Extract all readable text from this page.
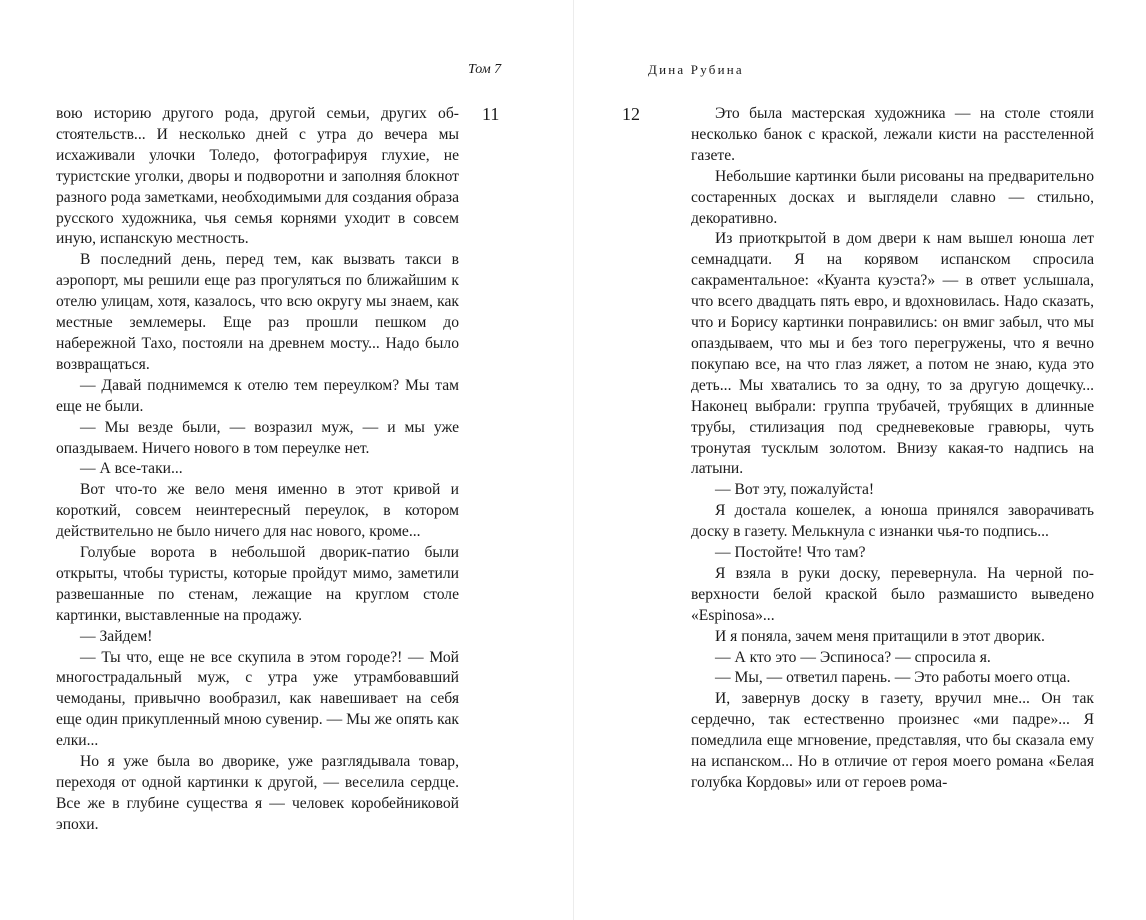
Том 7
11

вою историю другого рода, другой семьи, других обстоятельств... И несколько дней с утра до вечера мы исхаживали улочки Толедо, фотографируя глухие, не туристские уголки, дворы и подворотни и заполняя блокнот разного рода заметками, необходимыми для создания образа русского художника, чья семья корнями уходит в совсем иную, испанскую местность.

В последний день, перед тем, как вызвать такси в аэропорт, мы решили еще раз прогуляться по ближайшим к отелю улицам, хотя, казалось, что всю округу мы знаем, как местные землемеры. Еще раз прошли пешком до набережной Тахо, постояли на древнем мосту... Надо было возвращаться.

— Давай поднимемся к отелю тем переулком? Мы там еще не были.

— Мы везде были, — возразил муж, — и мы уже опаздываем. Ничего нового в том переулке нет.

— А все-таки...

Вот что-то же вело меня именно в этот кривой и короткий, совсем неинтересный переулок, в котором действительно не было ничего для нас нового, кроме...

Голубые ворота в небольшой дворик-патио были открыты, чтобы туристы, которые пройдут мимо, заметили развешанные по стенам, лежащие на круглом столе картинки, выставленные на продажу.

— Зайдем!

— Ты что, еще не все скупила в этом городе?! — Мой многострадальный муж, с утра уже утрамбовавший чемоданы, привычно вообразил, как навешивает на себя еще один прикупленный мною сувенир. — Мы же опять как елки...

Но я уже была во дворике, уже разглядывала товар, переходя от одной картинки к другой, — веселила сердце. Все же в глубине существа я — человек коробейниковой эпохи.

Дина Рубина
12	Это была мастерская художника — на столе стояли несколько банок с краской, лежали кисти на расстеленной газете.

Небольшие картинки были рисованы на предварительно состаренных досках и выглядели славно — стильно, декоративно.

Из приоткрытой в дом двери к нам вышел юноша лет семнадцати. Я на корявом испанском спросила сакраментальное: «Куанта куэста?» — в ответ услышала, что всего двадцать пять евро, и вдохновилась. Надо сказать, что и Борису картинки понравились: он вмиг забыл, что мы опаздываем, что мы и без того перегружены, что я вечно покупаю все, на что глаз ляжет, а потом не знаю, куда это деть... Мы хватались то за одну, то за другую дощечку... Наконец выбрали: группа трубачей, трубящих в длинные трубы, стилизация под средневековые гравюры, чуть тронутая тусклым золотом. Внизу какая-то надпись на латыни.

— Вот эту, пожалуйста!

Я достала кошелек, а юноша принялся заворачивать доску в газету. Мелькнула с изнанки чья-то подпись...

— Постойте! Что там?

Я взяла в руки доску, перевернула. На черной поверхности белой краской было размашисто выведено «Espinosa»...

И я поняла, зачем меня притащили в этот дворик.

— А кто это — Эспиноса? — спросила я.

— Мы, — ответил парень. — Это работы моего отца.

И, завернув доску в газету, вручил мне... Он так сердечно, так естественно произнес «ми падре»... Я помедлила еще мгновение, представляя, что бы сказала ему на испанском... Но в отличие от героя моего романа «Белая голубка Кордовы» или от героев рома-
